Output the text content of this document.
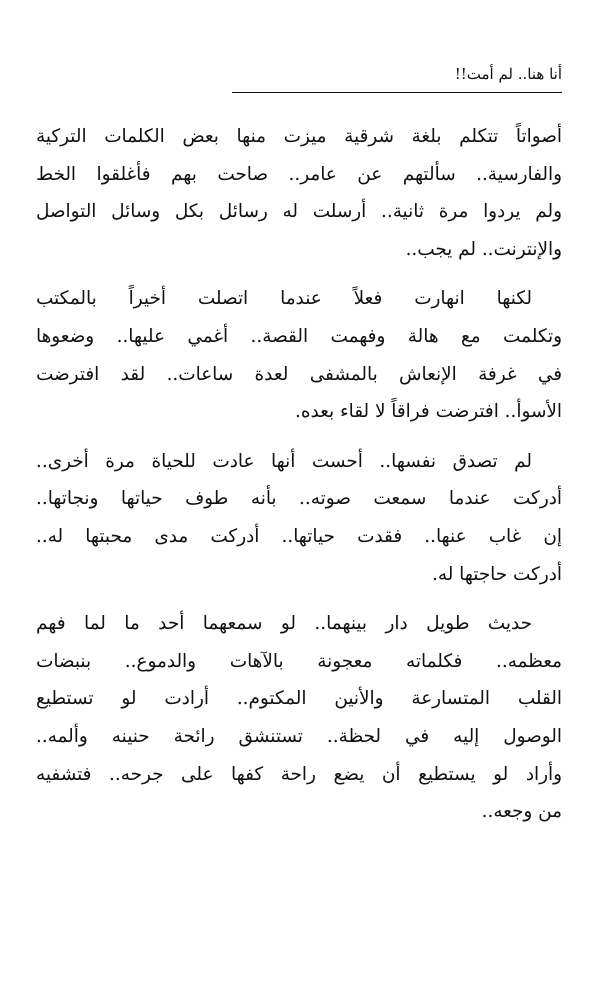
أنا هنا.. لم أمت!!

أصواتاً تتكلم بلغة شرقية ميزت منها بعض الكلمات التركية
والفارسية.. سألتهم عن عامر.. صاحت بهم فأغلقوا الخط
ولم يردوا مرة ثانية.. أرسلت له رسائل بكل وسائل التواصل
والإنترنت.. لم يجب..

لكنها انهارت فعلاً عندما اتصلت أخيراً بالمكتب
وتكلمت مع هالة وفهمت القصة.. أغمي عليها.. وضعوها
في غرفة الإنعاش بالمشفى لعدة ساعات.. لقد افترضت
الأسوأ.. افترضت فراقاً لا لقاء بعده.

لم تصدق نفسها.. أحست أنها عادت للحياة مرة أخرى..
أدركت عندما سمعت صوته.. بأنه طوف حياتها ونجاتها..
إن غاب عنها.. فقدت حياتها.. أدركت مدى محبتها له..
أدركت حاجتها له.

حديث طويل دار بينهما.. لو سمعهما أحد ما لما فهم
معظمه.. فكلماته معجونة بالآهات والدموع.. بنبضات
القلب المتسارعة والأنين المكتوم.. أرادت لو تستطيع
الوصول إليه في لحظة.. تستنشق رائحة حنينه وألمه..
وأراد لو يستطيع أن يضع راحة كفها على جرحه.. فتشفيه
من وجعه..
